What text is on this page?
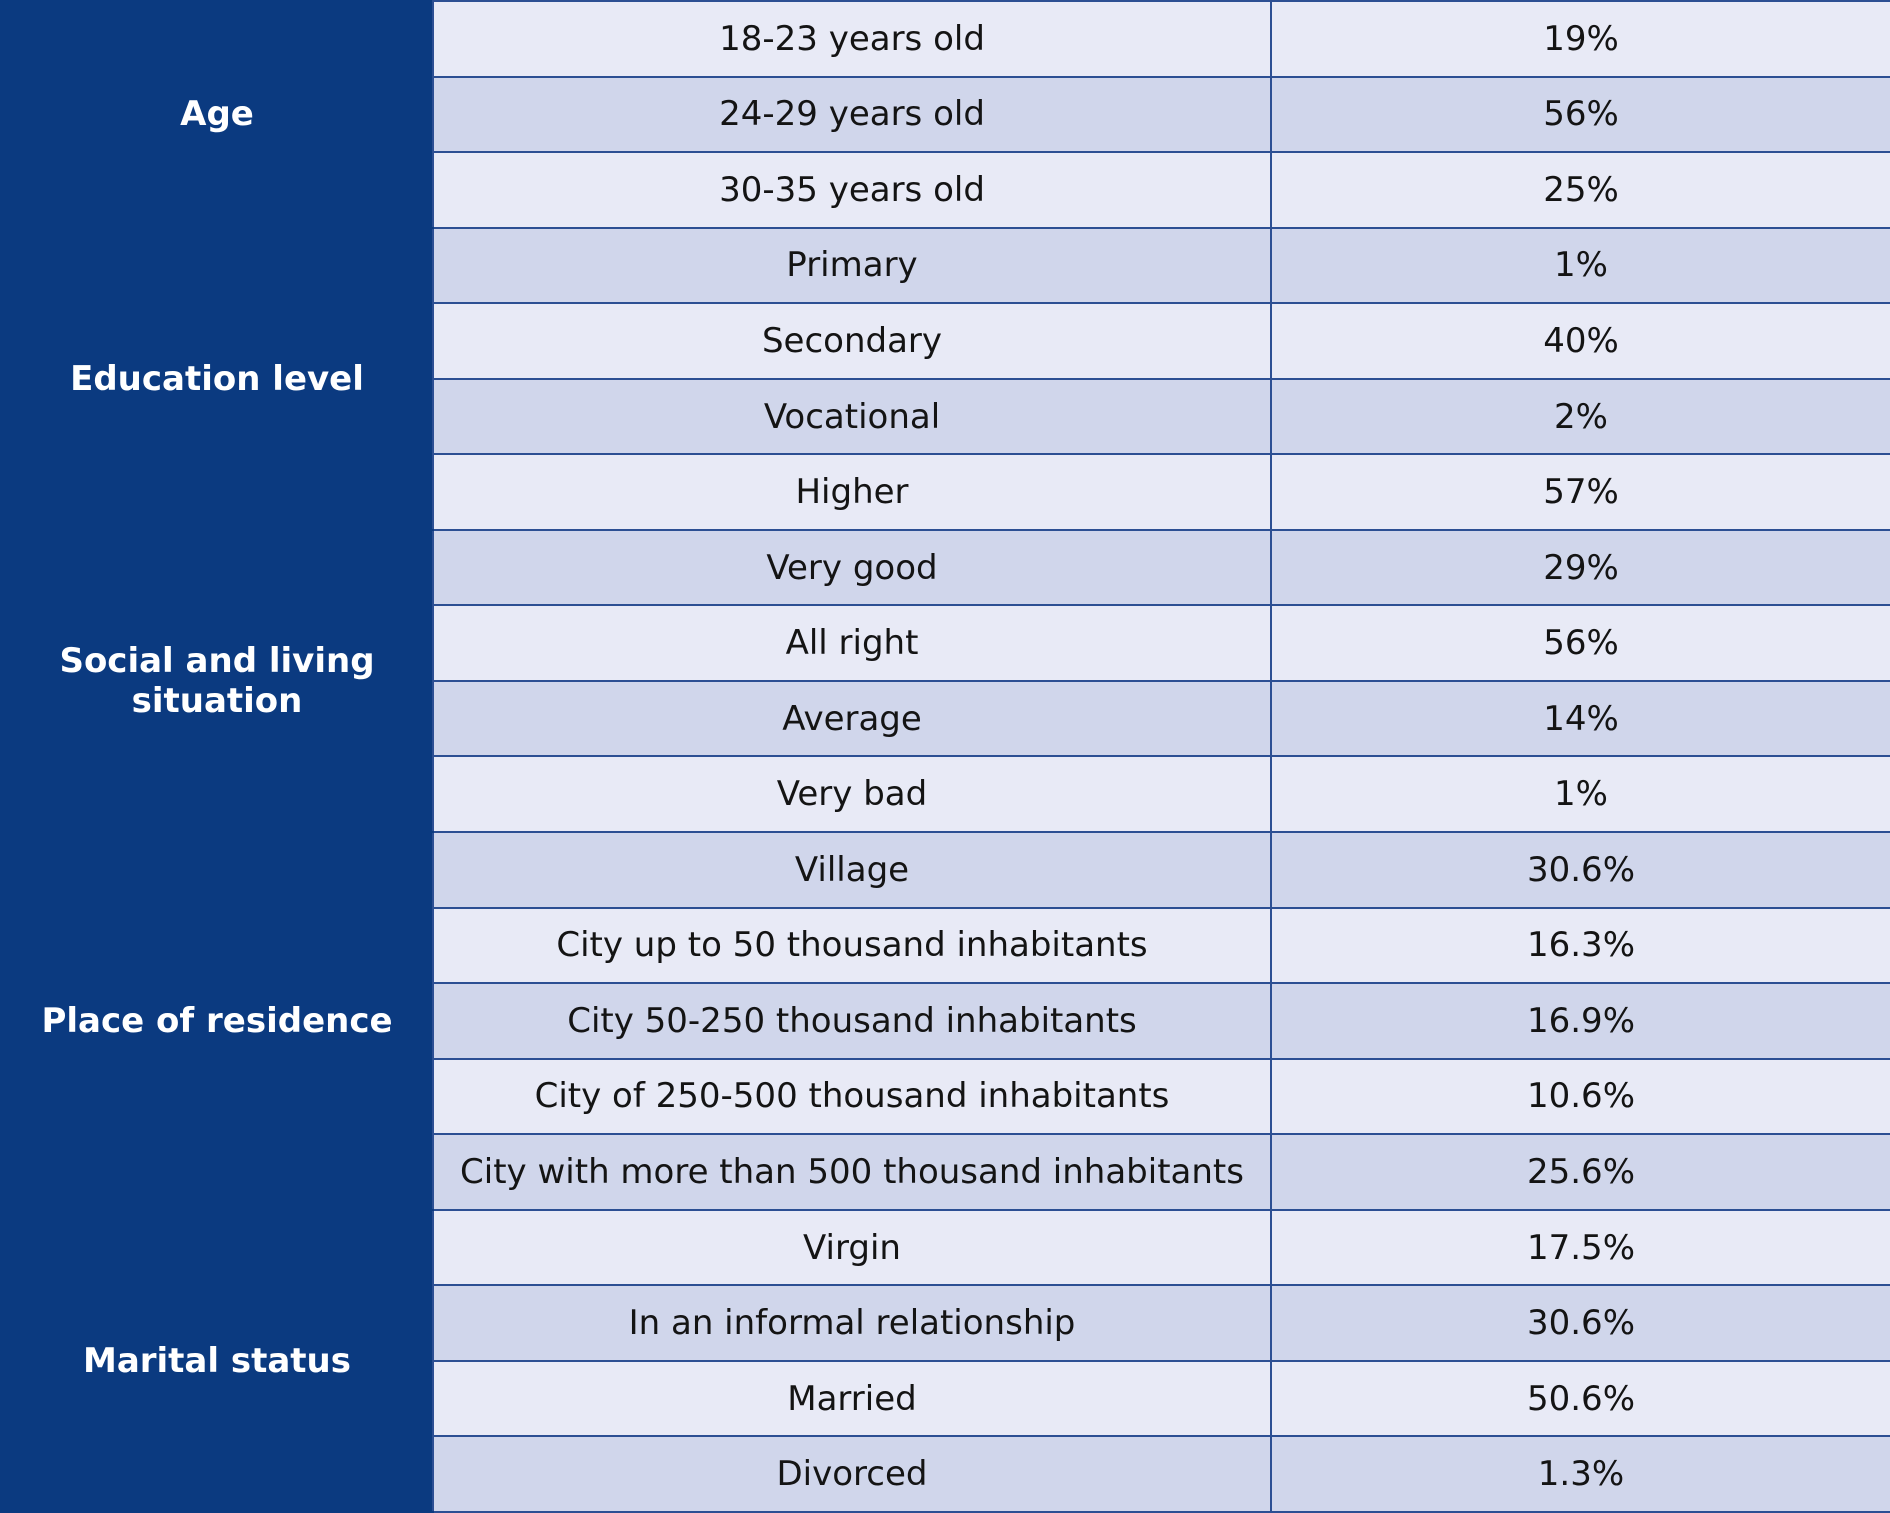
Age	18-23 years old	19%
	24-29 years old	56%
	30-35 years old	25%
Education level	Primary	1%
	Secondary	40%
	Vocational	2%
	Higher	57%
Social and living situation	Very good	29%
	All right	56%
	Average	14%
	Very bad	1%
Place of residence	Village	30.6%
	City up to 50 thousand inhabitants	16.3%
	City 50-250 thousand inhabitants	16.9%
	City of 250-500 thousand inhabitants	10.6%
	City with more than 500 thousand inhabitants	25.6%
Marital status	Virgin	17.5%
	In an informal relationship	30.6%
	Married	50.6%
	Divorced	1.3%
